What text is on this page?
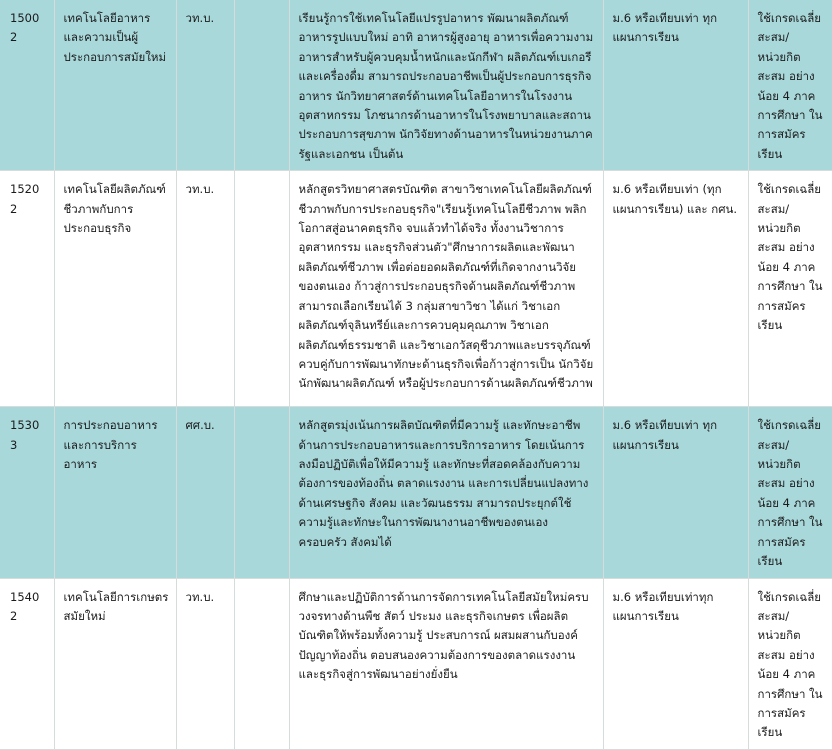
15002	เทคโนโลยีอาหารและความเป็นผู้ประกอบการสมัยใหม่	วท.บ.		เรียนรู้การใช้เทคโนโลยีแปรรูปอาหาร พัฒนาผลิตภัณฑ์อาหารรูปแบบใหม่ อาทิ อาหารผู้สูงอายุ อาหารเพื่อความงาม อาหารสำหรับผู้ควบคุมน้ำหนักและนักกีฬา ผลิตภัณฑ์เบเกอรี และเครื่องดื่ม สามารถประกอบอาชีพเป็นผู้ประกอบการธุรกิจอาหาร นักวิทยาศาสตร์ด้านเทคโนโลยีอาหารในโรงงานอุตสาหกรรม โภชนากรด้านอาหารในโรงพยาบาลและสถานประกอบการสุขภาพ นักวิจัยทางด้านอาหารในหน่วยงานภาครัฐและเอกชน เป็นต้น	ม.6 หรือเทียบเท่า ทุกแผนการเรียน	ใช้เกรดเฉลี่ยสะสม/หน่วยกิตสะสม อย่างน้อย 4 ภาคการศึกษา ในการสมัครเรียน
15202	เทคโนโลยีผลิตภัณฑ์ชีวภาพกับการประกอบธุรกิจ	วท.บ.		หลักสูตรวิทยาศาสตรบัณฑิต สาขาวิชาเทคโนโลยีผลิตภัณฑ์ชีวภาพกับการประกอบธุรกิจ"เรียนรู้เทคโนโลยีชีวภาพ พลิกโอกาสสู่อนาคตธุรกิจ จบแล้วทำได้จริง ทั้งงานวิชาการ อุตสาหกรรม และธุรกิจส่วนตัว"ศึกษาการผลิตและพัฒนาผลิตภัณฑ์ชีวภาพ เพื่อต่อยอดผลิตภัณฑ์ที่เกิดจากงานวิจัยของตนเอง ก้าวสู่การประกอบธุรกิจด้านผลิตภัณฑ์ชีวภาพ สามารถเลือกเรียนได้ 3 กลุ่มสาขาวิชา ได้แก่ วิชาเอกผลิตภัณฑ์จุลินทรีย์และการควบคุมคุณภาพ วิชาเอกผลิตภัณฑ์ธรรมชาติ และวิชาเอกวัสดุชีวภาพและบรรจุภัณฑ์ ควบคู่กับการพัฒนาทักษะด้านธุรกิจเพื่อก้าวสู่การเป็น นักวิจัย นักพัฒนาผลิตภัณฑ์ หรือผู้ประกอบการด้านผลิตภัณฑ์ชีวภาพ	ม.6 หรือเทียบเท่า (ทุกแผนการเรียน) และ กศน.	ใช้เกรดเฉลี่ยสะสม/หน่วยกิตสะสม อย่างน้อย 4 ภาคการศึกษา ในการสมัครเรียน
15303	การประกอบอาหารและการบริการอาหาร	ศศ.บ.		หลักสูตรมุ่งเน้นการผลิตบัณฑิตที่มีความรู้ และทักษะอาชีพด้านการประกอบอาหารและการบริการอาหาร โดยเน้นการลงมือปฏิบัติเพื่อให้มีความรู้ และทักษะที่สอดคล้องกับความต้องการของท้องถิ่น ตลาดแรงงาน และการเปลี่ยนแปลงทางด้านเศรษฐกิจ สังคม และวัฒนธรรม สามารถประยุกต์ใช้ความรู้และทักษะในการพัฒนางานอาชีพของตนเอง ครอบครัว สังคมได้	ม.6 หรือเทียบเท่า ทุกแผนการเรียน	ใช้เกรดเฉลี่ยสะสม/หน่วยกิตสะสม อย่างน้อย 4 ภาคการศึกษา ในการสมัครเรียน
15402	เทคโนโลยีการเกษตรสมัยใหม่	วท.บ.		ศึกษาและปฏิบัติการด้านการจัดการเทคโนโลยีสมัยใหม่ครบวงจรทางด้านพืช สัตว์ ประมง และธุรกิจเกษตร เพื่อผลิตบัณฑิตให้พร้อมทั้งความรู้ ประสบการณ์ ผสมผสานกับองค์ปัญญาท้องถิ่น ตอบสนองความต้องการของตลาดแรงงานและธุรกิจสู่การพัฒนาอย่างยั่งยืน	ม.6 หรือเทียบเท่าทุกแผนการเรียน	ใช้เกรดเฉลี่ยสะสม/หน่วยกิตสะสม อย่างน้อย 4 ภาคการศึกษา ในการสมัครเรียน
